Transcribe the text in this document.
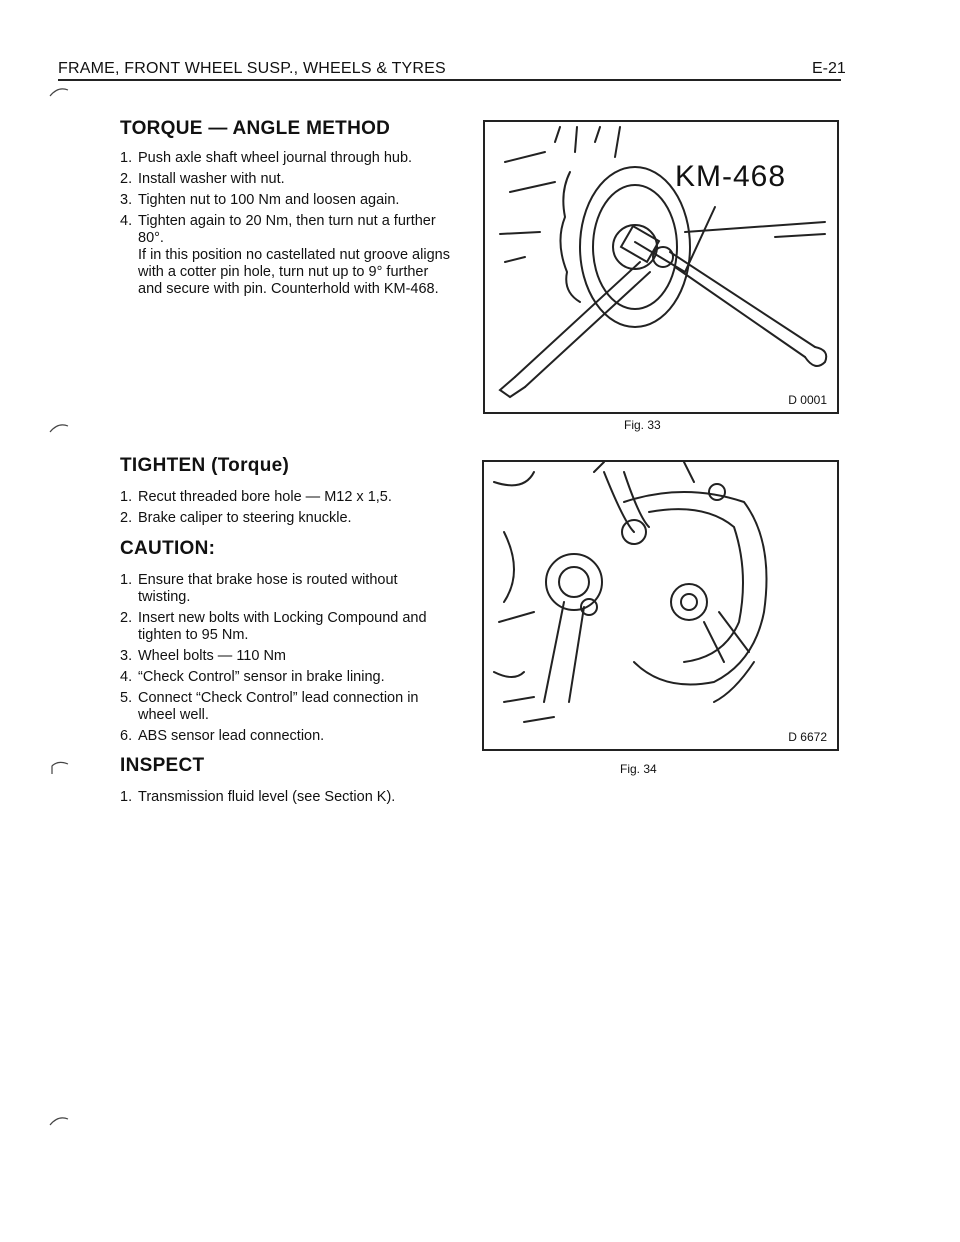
FRAME, FRONT WHEEL SUSP., WHEELS & TYRES	E-21
TORQUE — ANGLE METHOD
1. Push axle shaft wheel journal through hub.
2. Install washer with nut.
3. Tighten nut to 100 Nm and loosen again.
4. Tighten again to 20 Nm, then turn nut a further 80°.
If in this position no castellated nut groove aligns with a cotter pin hole, turn nut up to 9° further and secure with pin. Counterhold with KM-468.
TIGHTEN (Torque)
1. Recut threaded bore hole — M12 x 1,5.
2. Brake caliper to steering knuckle.
CAUTION:
1. Ensure that brake hose is routed without twisting.
2. Insert new bolts with Locking Compound and tighten to 95 Nm.
3. Wheel bolts — 110 Nm
4. “Check Control” sensor in brake lining.
5. Connect “Check Control” lead connection in wheel well.
6. ABS sensor lead connection.
INSPECT
1. Transmission fluid level (see Section K).
KM-468
D 0001
Fig. 33
D 6672
Fig. 34
